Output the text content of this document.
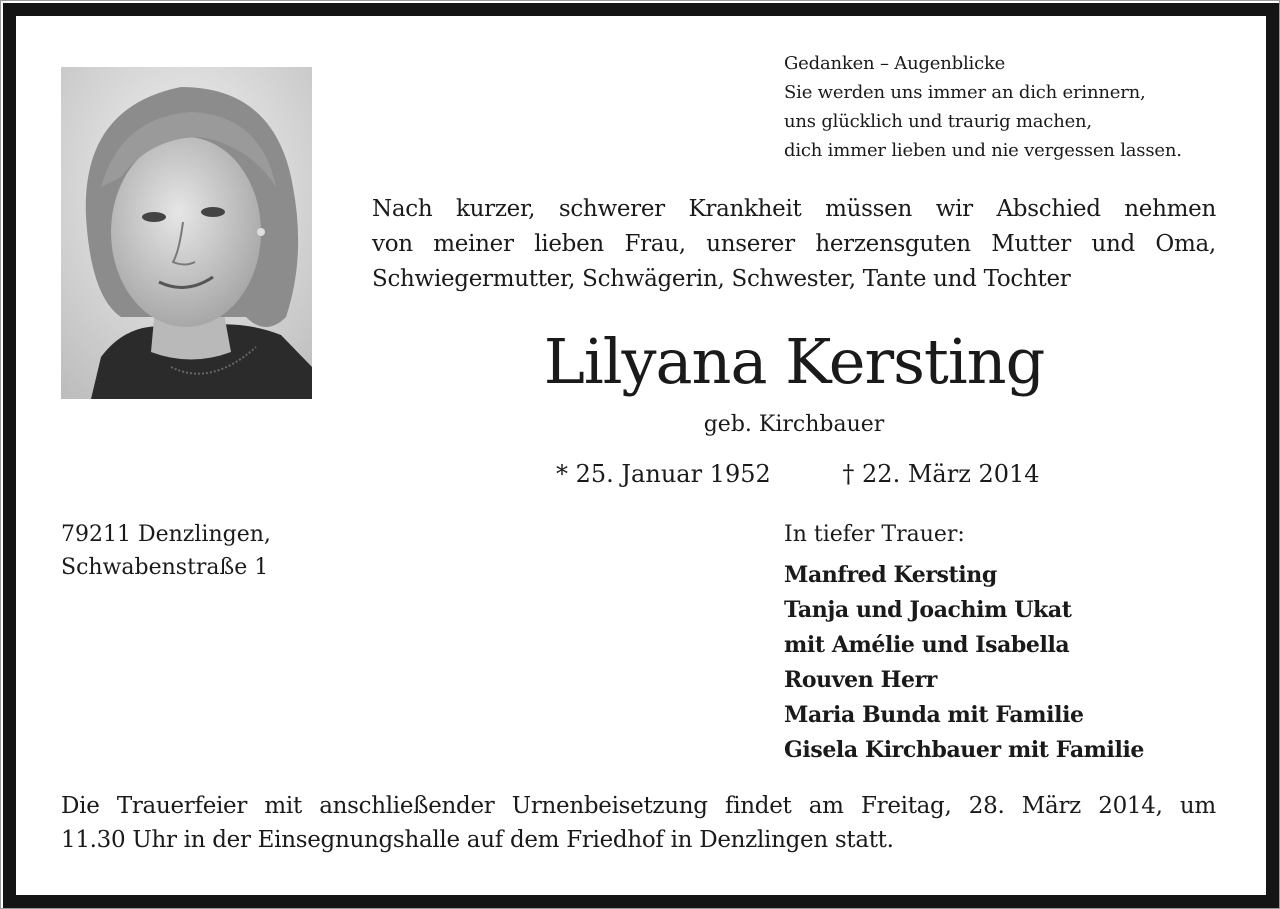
Gedanken – Augenblicke
Sie werden uns immer an dich erinnern,
uns glücklich und traurig machen,
dich immer lieben und nie vergessen lassen.
Nach kurzer, schwerer Krankheit müssen wir Abschied nehmen
von meiner lieben Frau, unserer herzensguten Mutter und Oma,
Schwiegermutter, Schwägerin, Schwester, Tante und Tochter
Lilyana Kersting
geb. Kirchbauer
* 25. Januar 1952	† 22. März 2014
79211 Denzlingen,
Schwabenstraße 1
In tiefer Trauer:
Manfred Kersting
Tanja und Joachim Ukat
mit Amélie und Isabella
Rouven Herr
Maria Bunda mit Familie
Gisela Kirchbauer mit Familie
Die Trauerfeier mit anschließender Urnenbeisetzung findet am Freitag, 28. März 2014, um
11.30 Uhr in der Einsegnungshalle auf dem Friedhof in Denzlingen statt.
